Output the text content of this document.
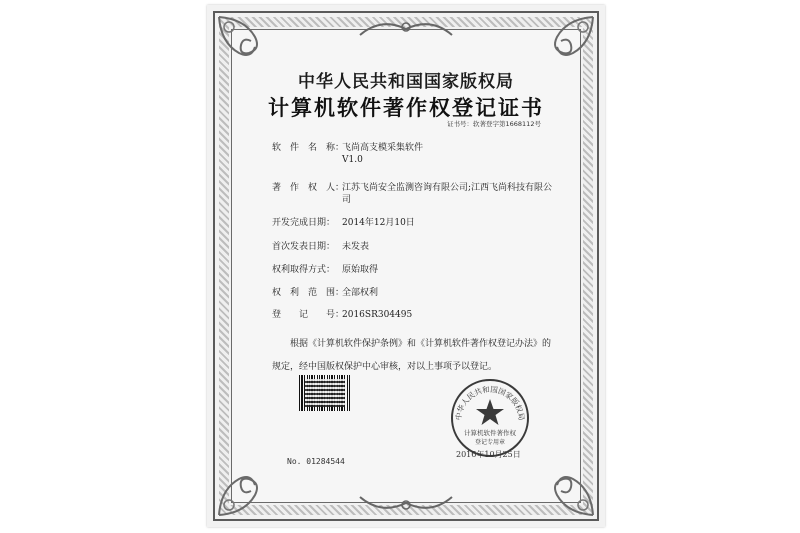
中华人民共和国国家版权局
计算机软件著作权登记证书
证书号：软著登字第1668112号
软　件　名　称：
飞尚高支模采集软件
V1.0
著　作　权　人：
江苏飞尚安全监测咨询有限公司;江西飞尚科技有限公
司
开发完成日期： 2014年12月10日
首次发表日期： 未发表
权利取得方式： 原始取得
权　利　范　围：
全部权利
登　　记　　号：
2016SR304495
　　根据《计算机软件保护条例》和《计算机软件著作权登记办法》的
规定，经中国版权保护中心审核，对以上事项予以登记。
中华人民共和国国家版权局
计算机软件著作权
登记专用章
2016年10月25日
No. 01284544
